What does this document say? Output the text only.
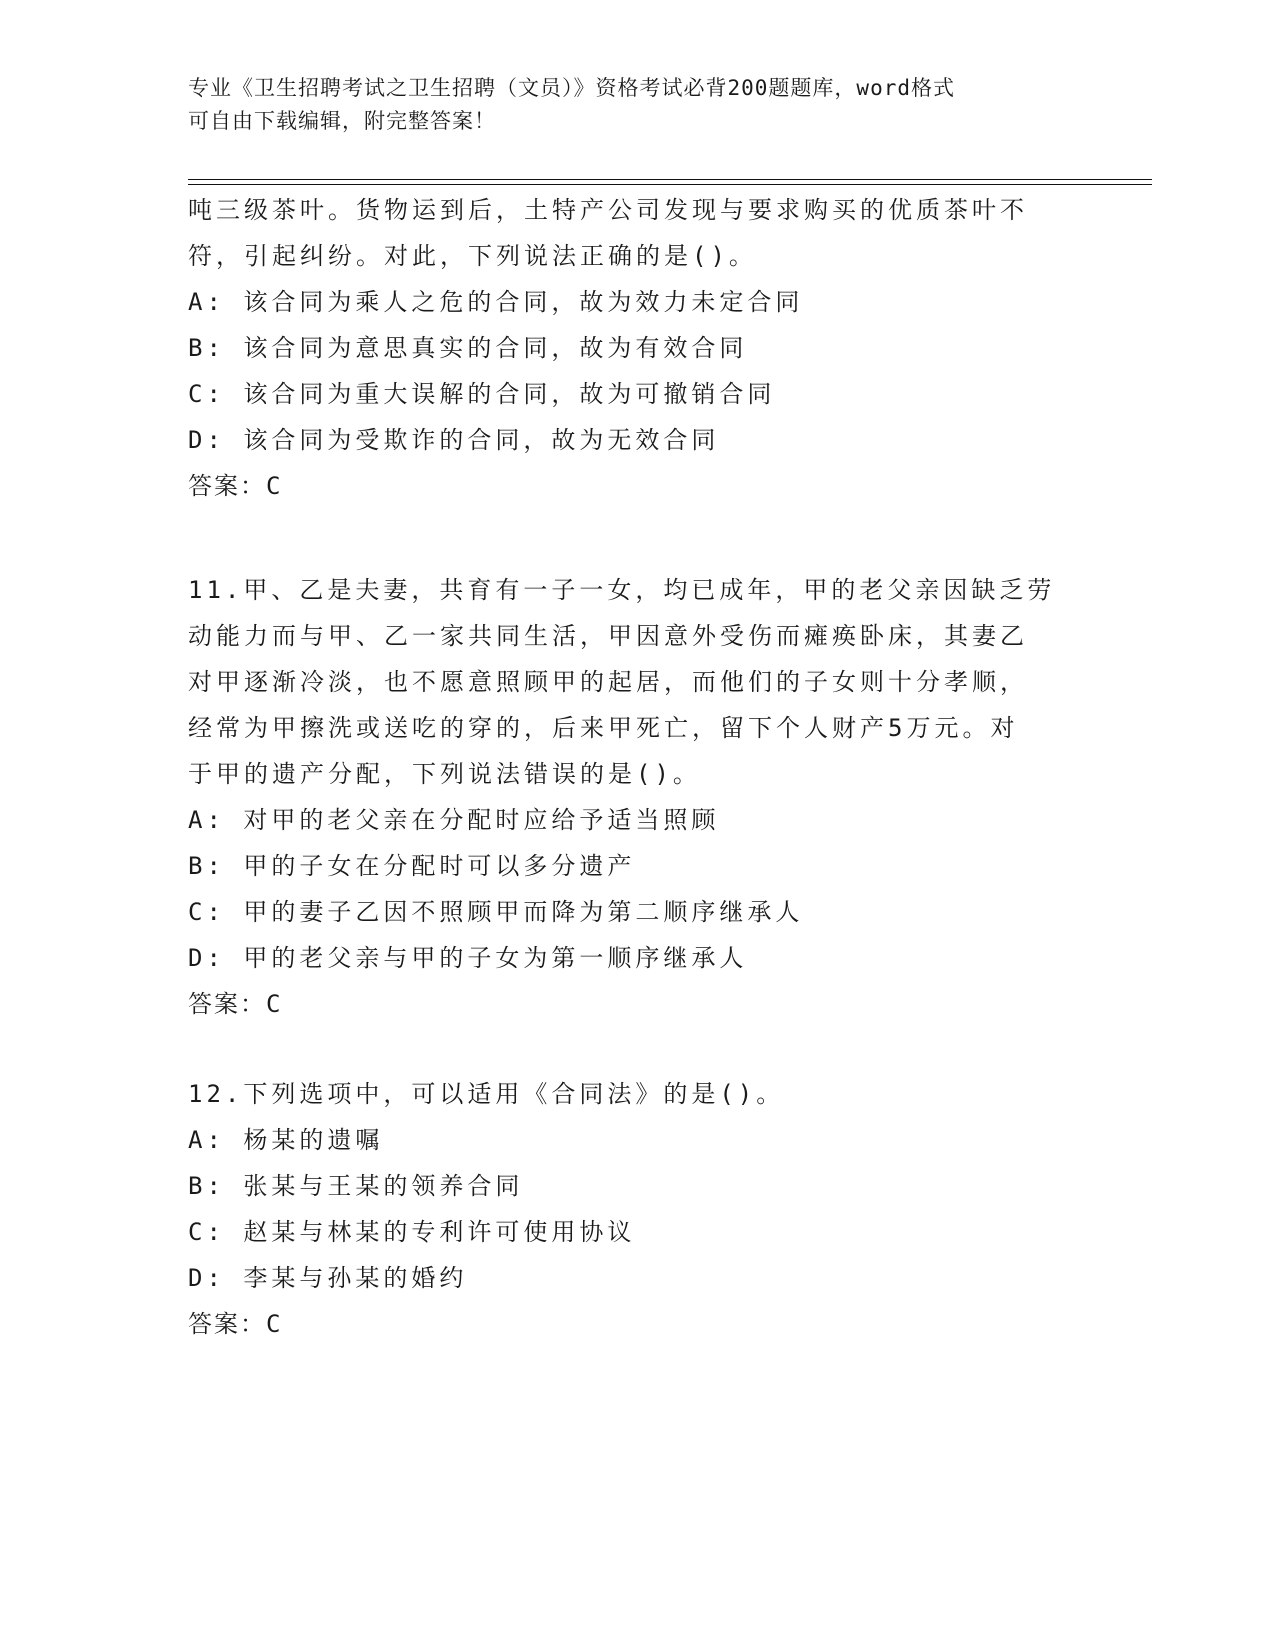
专业《卫生招聘考试之卫生招聘（文员）》资格考试必背200题题库，word格式
可自由下载编辑，附完整答案！
吨三级茶叶。货物运到后，土特产公司发现与要求购买的优质茶叶不
符，引起纠纷。对此，下列说法正确的是()。
A: 该合同为乘人之危的合同，故为效力未定合同
B: 该合同为意思真实的合同，故为有效合同
C: 该合同为重大误解的合同，故为可撤销合同
D: 该合同为受欺诈的合同，故为无效合同
答案：C
11.甲、乙是夫妻，共育有一子一女，均已成年，甲的老父亲因缺乏劳
动能力而与甲、乙一家共同生活，甲因意外受伤而瘫痪卧床，其妻乙
对甲逐渐冷淡，也不愿意照顾甲的起居，而他们的子女则十分孝顺，
经常为甲擦洗或送吃的穿的，后来甲死亡，留下个人财产5万元。对
于甲的遗产分配，下列说法错误的是()。
A: 对甲的老父亲在分配时应给予适当照顾
B: 甲的子女在分配时可以多分遗产
C: 甲的妻子乙因不照顾甲而降为第二顺序继承人
D: 甲的老父亲与甲的子女为第一顺序继承人
答案：C
12.下列选项中，可以适用《合同法》的是()。
A: 杨某的遗嘱
B: 张某与王某的领养合同
C: 赵某与林某的专利许可使用协议
D: 李某与孙某的婚约
答案：C
